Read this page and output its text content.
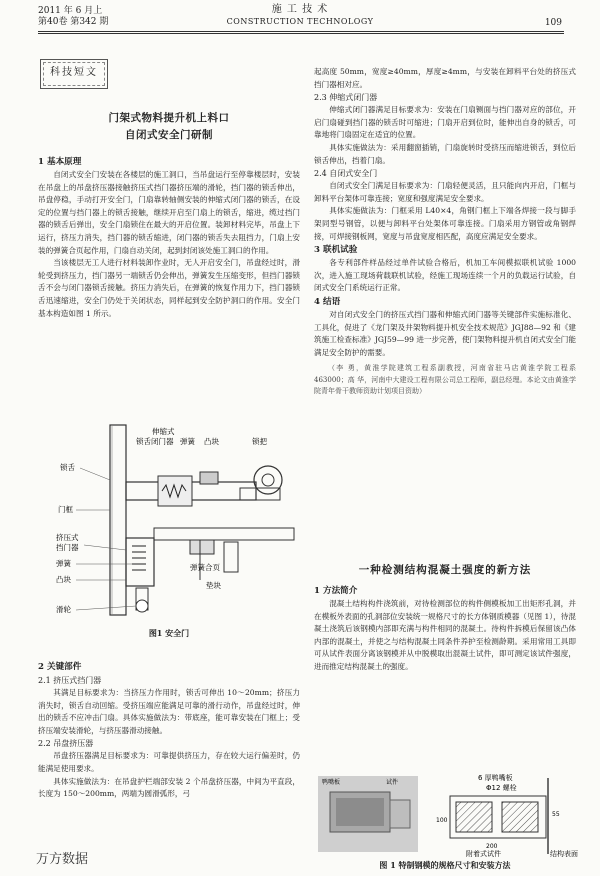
2011 年 6 月上
第40卷 第342 期
施 工 技 术
CONSTRUCTION TECHNOLOGY	109
科技短文
门架式物料提升机上料口
自闭式安全门研制
1 基本原理

自闭式安全门安装在各楼层的施工洞口，当吊盘运行至停靠楼层时，安装在吊盘上的吊盘挤压器接触挤压式挡门器挤压端的滑轮，挡门器的锁舌伸出，吊盘停稳，手动打开安全门，门扇靠转轴侧安装的伸缩式闭门器的锁舌，在设定的位置与挡门器上的锁舌接触，继续开启至门扇上的锁舌，缩进，缆过挡门器的锁舌后弹出，安全门扇锁住在最大的开启位置。装卸材料完毕，吊盘上下运行，挤压力消失，挡门器的锁舌缩进，闭门器的锁舌失去阻挡力，门扇上安装的弹簧合页起作用，门扇自动关闭，起到封闭该处施工洞口的作用。

当该楼层无工人进行材料装卸作业时，无人开启安全门，吊盘经过时，滑轮受到挤压力，挡门器另一端锁舌仍会伸出，弹簧发生压缩变形，但挡门器锁舌不会与闭门器锁舌接触。挤压力消失后，在弹簧的恢复作用力下，挡门器锁舌迅速缩进，安全门仍处于关闭状态，同样起到安全防护洞口的作用。安全门基本构造如图 1 所示。

伸缩式
锁舌闭门器 弹簧 凸块	锁把
锁舌
门框
挤压式
挡门器
弹簧
凸块
弹簧合页
垫块
滑轮
图1 安全门
2 关键部件
2.1 挤压式挡门器

其满足目标要求为：当挤压力作用时，锁舌可伸出 10～20mm；挤压力消失时，锁舌自动回缩。受挤压端应能满足可靠的滑行动作，吊盘经过时，伸出的锁舌不应冲击门扇。具体实施做法为：带底座，能可靠安装在门框上；受挤压端安装滑轮，与挤压器滑动接触。

2.2 吊盘挤压器

吊盘挤压器满足目标要求为：可靠提供挤压力，存在较大运行偏差时，仍能满足使用要求。

具体实施做法为：在吊盘护栏端部安装 2 个吊盘挤压器，中间为平直段，长度为 150～200mm，两端为圆滑弧形，弓

起高度 50mm，宽度≥40mm，厚度≥4mm，与安装在卸料平台处的挤压式挡门器相对应。

2.3 伸缩式闭门器

伸缩式闭门器满足目标要求为：安装在门扇铡面与挡门器对应的部位，开启门扇碰到挡门器的锁舌时可缩进；门扇开启到位时，能伸出自身的锁舌，可靠地将门扇固定在适宜的位置。

具体实施做法为：采用翻窗插销，门扇旋转时受挤压而缩进锁舌，到位后锁舌伸出，挡着门扇。

2.4 自闭式安全门

自闭式安全门满足目标要求为：门扇轻便灵活，且只能向内开启，门框与卸料平台架体可靠连接；宽度和强度满足安全要求。

具体实施做法为：门框采用 L40×4，角钢门框上下端各焊接一段与脚手架同型号钢管，以便与卸料平台处架体可靠连接。门扇采用方钢管或角钢焊接，可焊接钢板网，宽度与吊盘宽度相匹配，高度应满足安全要求。

3 联机试验

各专利部件样品经过单件试验合格后，机加工车间模拟联机试验 1000 次，进入施工现场荷载联机试验，经施工现场连续一个月的负载运行试验，自闭式安全门系统运行正常。

4 结语

对自闭式安全门的挤压式挡门器和伸缩式闭门器等关键部件实施标准化、工具化，促进了《龙门架及井架物料提升机安全技术规范》JGJ88—92 和《建筑施工检查标准》JGJ59—99 进一步完善，使门架物料提升机自闭式安全门能满足安全防护的需要。

（李 勇，黄淮学院建筑工程系副教授，河南省驻马店黄淮学院工程系 463000；高 华，河南中大建设工程有限公司总工程师，副总经理。本论文由黄淮学院青年骨干教师资助计划项目资助）
一种检测结构混凝土强度的新方法
1 方法简介

混凝土结构构件浇筑前，对待检测部位的构件侧模板加工出矩形孔洞，并在模板外表面的孔洞部位安装统一规格尺寸的长方体钢质模器（见图 1），待混凝土浇筑后该钢模内部即充满与构件相同的混凝土。待构件拆模后保留该凸体内部的混凝土，并使之与结构混凝土同条件养护至检测龄期。采用常用工具即可从试件表面分离该钢模并从中脱模取出混凝土试件，即可测定该试件强度，进而推定结构混凝土的强度。

鸭嘴板	试件
6 厚鸭嘴板
Φ12 螺栓
100
55
200
附着式试件	结构表面
图 1 特制钢模的规格尺寸和安装方法
万方数据
